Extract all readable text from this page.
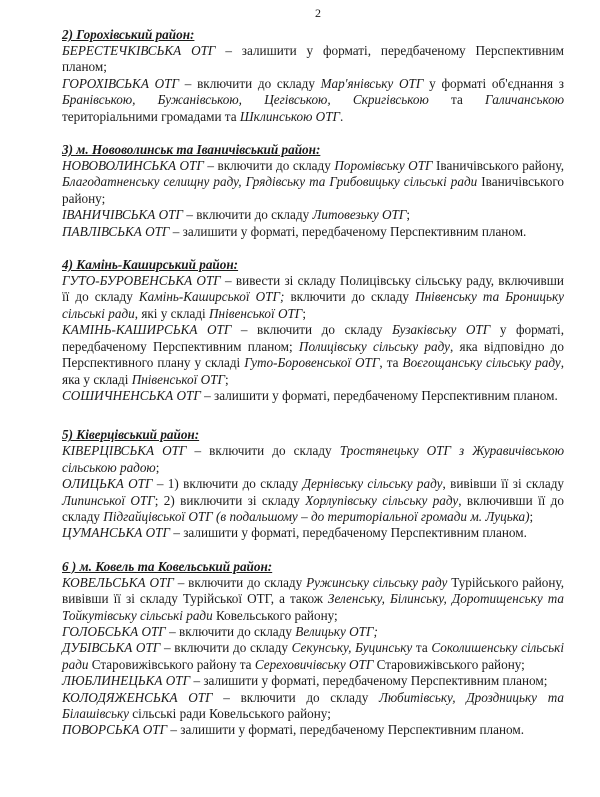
2
2) Горохівський район:
БЕРЕСТЕЧКІВСЬКА ОТГ – залишити у форматі, передбаченому Перспективним планом;
ГОРОХІВСЬКА ОТГ – включити до складу Мар'янівську ОТГ у форматі об'єднання з Бранівською, Бужанівською, Цегівською, Скригівською та Галичанською територіальними громадами та Шклинською ОТГ.
3) м. Нововолинськ та Іваничівський район:
НОВОВОЛИНСЬКА ОТГ – включити до складу Поромівську ОТГ Іваничівського району, Благодатненську селищну раду, Грядівську та Грибовицьку сільські ради Іваничівського району;
ІВАНИЧІВСЬКА ОТГ – включити до складу Литовезьку ОТГ;
ПАВЛІВСЬКА ОТГ – залишити у форматі, передбаченому Перспективним планом.
4) Камінь-Каширський район:
ГУТО-БУРОВЕНСЬКА ОТГ – вивести зі складу Полицівську сільську раду, включивши її до складу Камінь-Каширської ОТГ; включити до складу Пнівенську та Броницьку сільські ради, які у складі Пнівенської ОТГ;
КАМІНЬ-КАШИРСЬКА ОТГ – включити до складу Бузаківську ОТГ у форматі, передбаченому Перспективним планом; Полицівську сільську раду, яка відповідно до Перспективного плану у складі Гуто-Боровенської ОТГ, та Воєгощанську сільську раду, яка у складі Пнівенської ОТГ;
СОШИЧНЕНСЬКА ОТГ – залишити у форматі, передбаченому Перспективним планом.
5) Ківерцівський район:
КІВЕРЦІВСЬКА ОТГ – включити до складу Тростянецьку ОТГ з Журавичівською сільською радою;
ОЛИЦЬКА ОТГ – 1) включити до складу Дернівську сільську раду, вивівши її зі складу Липинської ОТГ; 2) виключити зі складу Хорлупівську сільську раду, включивши її до складу Підгайцівської ОТГ (в подальшому – до територіальної громади м. Луцька);
ЦУМАНСЬКА ОТГ – залишити у форматі, передбаченому Перспективним планом.
6 ) м. Ковель та Ковельський район:
КОВЕЛЬСЬКА ОТГ – включити до складу Ружинську сільську раду Турійського району, вивівши її зі складу Турійської ОТГ, а також Зеленську, Білинську, Доротищенську та Тойкутівську сільські ради Ковельського району;
ГОЛОБСЬКА ОТГ – включити до складу Велицьку ОТГ;
ДУБІВСЬКА ОТГ – включити до складу Секунську, Буцинську та Соколишенську сільські ради Старовижівського району та Сереховичівську ОТГ Старовижівського району;
ЛЮБЛИНЕЦЬКА ОТГ – залишити у форматі, передбаченому Перспективним планом;
КОЛОДЯЖЕНСЬКА ОТГ – включити до складу Любитівську, Дроздницьку та Білашівську сільські ради Ковельського району;
ПОВОРСЬКА ОТГ – залишити у форматі, передбаченому Перспективним планом.
